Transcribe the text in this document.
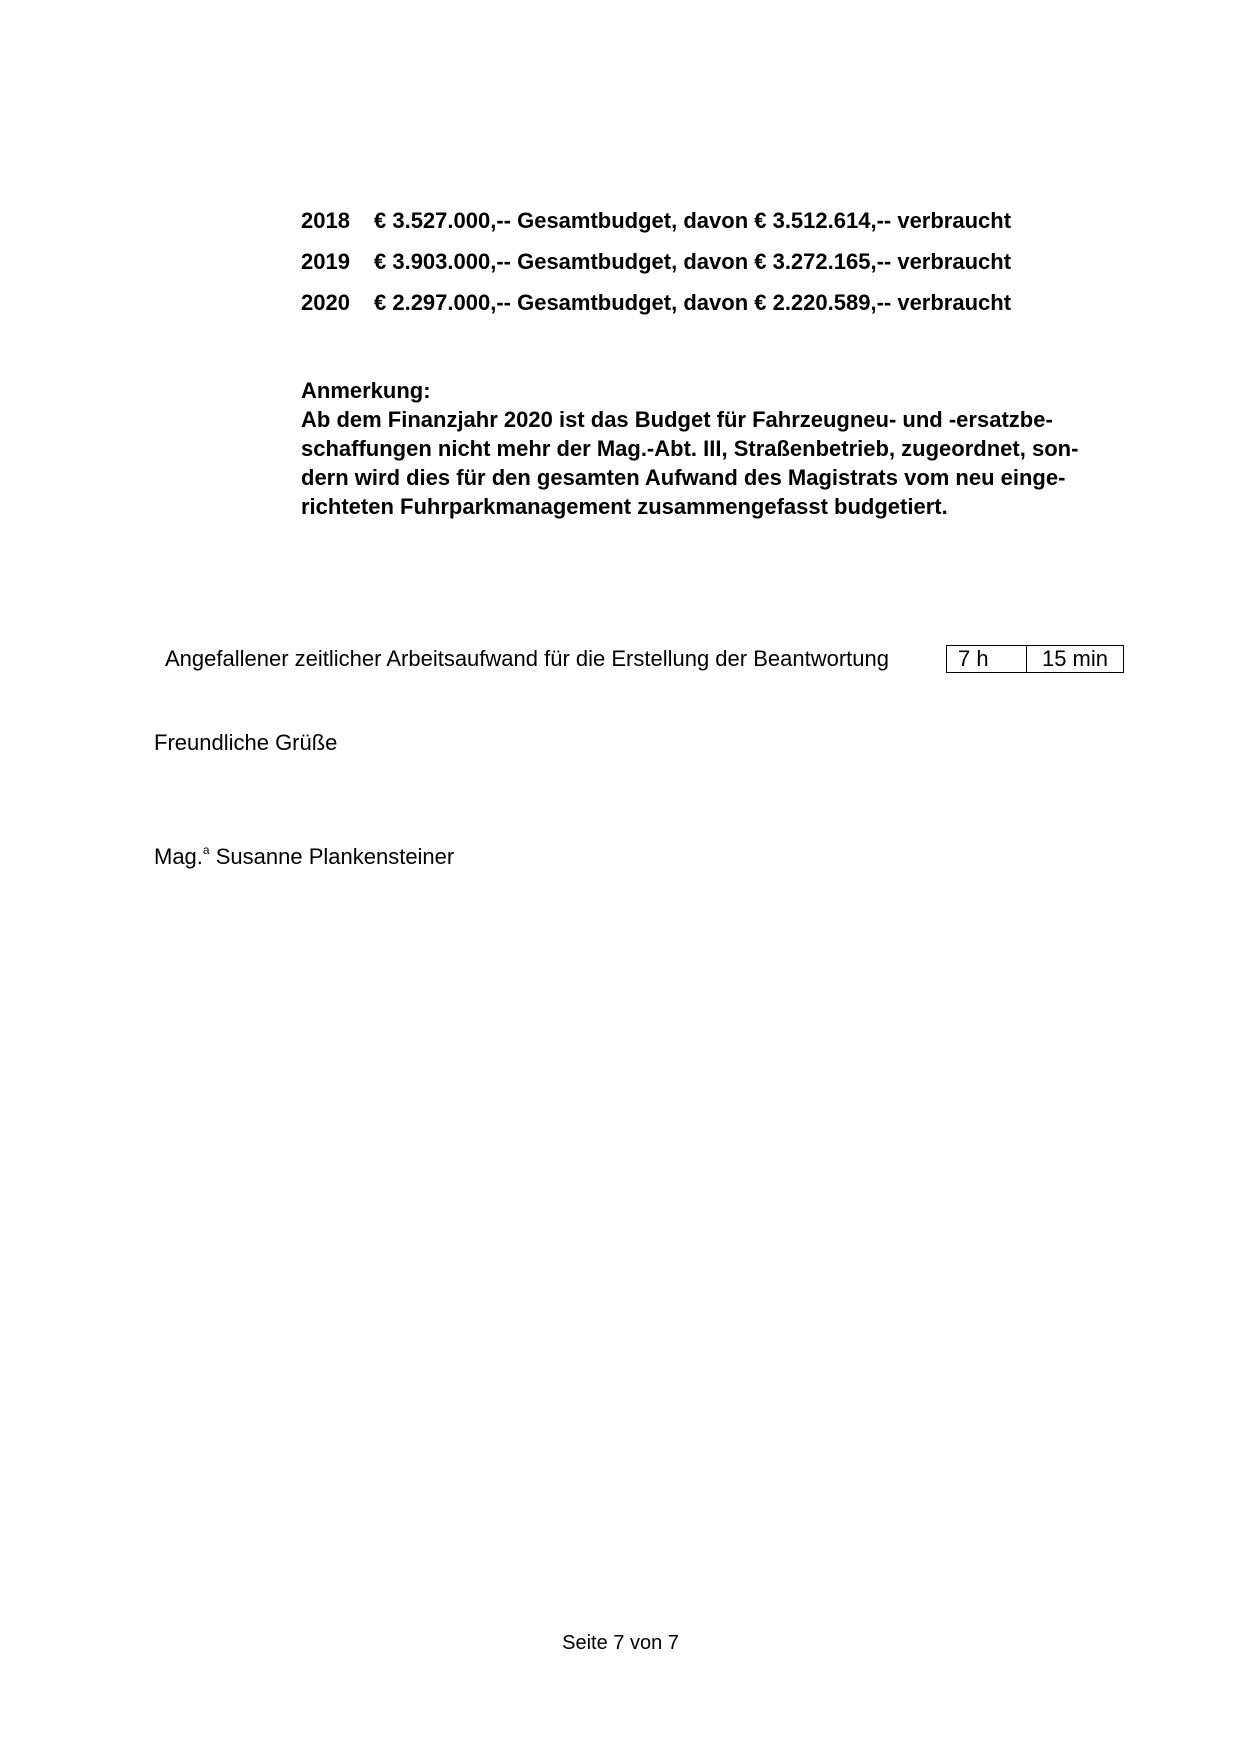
2018	€ 3.527.000,-- Gesamtbudget, davon € 3.512.614,-- verbraucht
2019	€ 3.903.000,-- Gesamtbudget, davon € 3.272.165,-- verbraucht
2020	€ 2.297.000,-- Gesamtbudget, davon € 2.220.589,-- verbraucht
Anmerkung:
Ab dem Finanzjahr 2020 ist das Budget für Fahrzeugneu- und -ersatzbe-
schaffungen nicht mehr der Mag.-Abt. III, Straßenbetrieb, zugeordnet, son-
dern wird dies für den gesamten Aufwand des Magistrats vom neu einge-
richteten Fuhrparkmanagement zusammengefasst budgetiert.
Angefallener zeitlicher Arbeitsaufwand für die Erstellung der Beantwortung	7 h	15 min
Freundliche Grüße
Mag.$^a$ Susanne Plankensteiner
Seite 7 von 7
